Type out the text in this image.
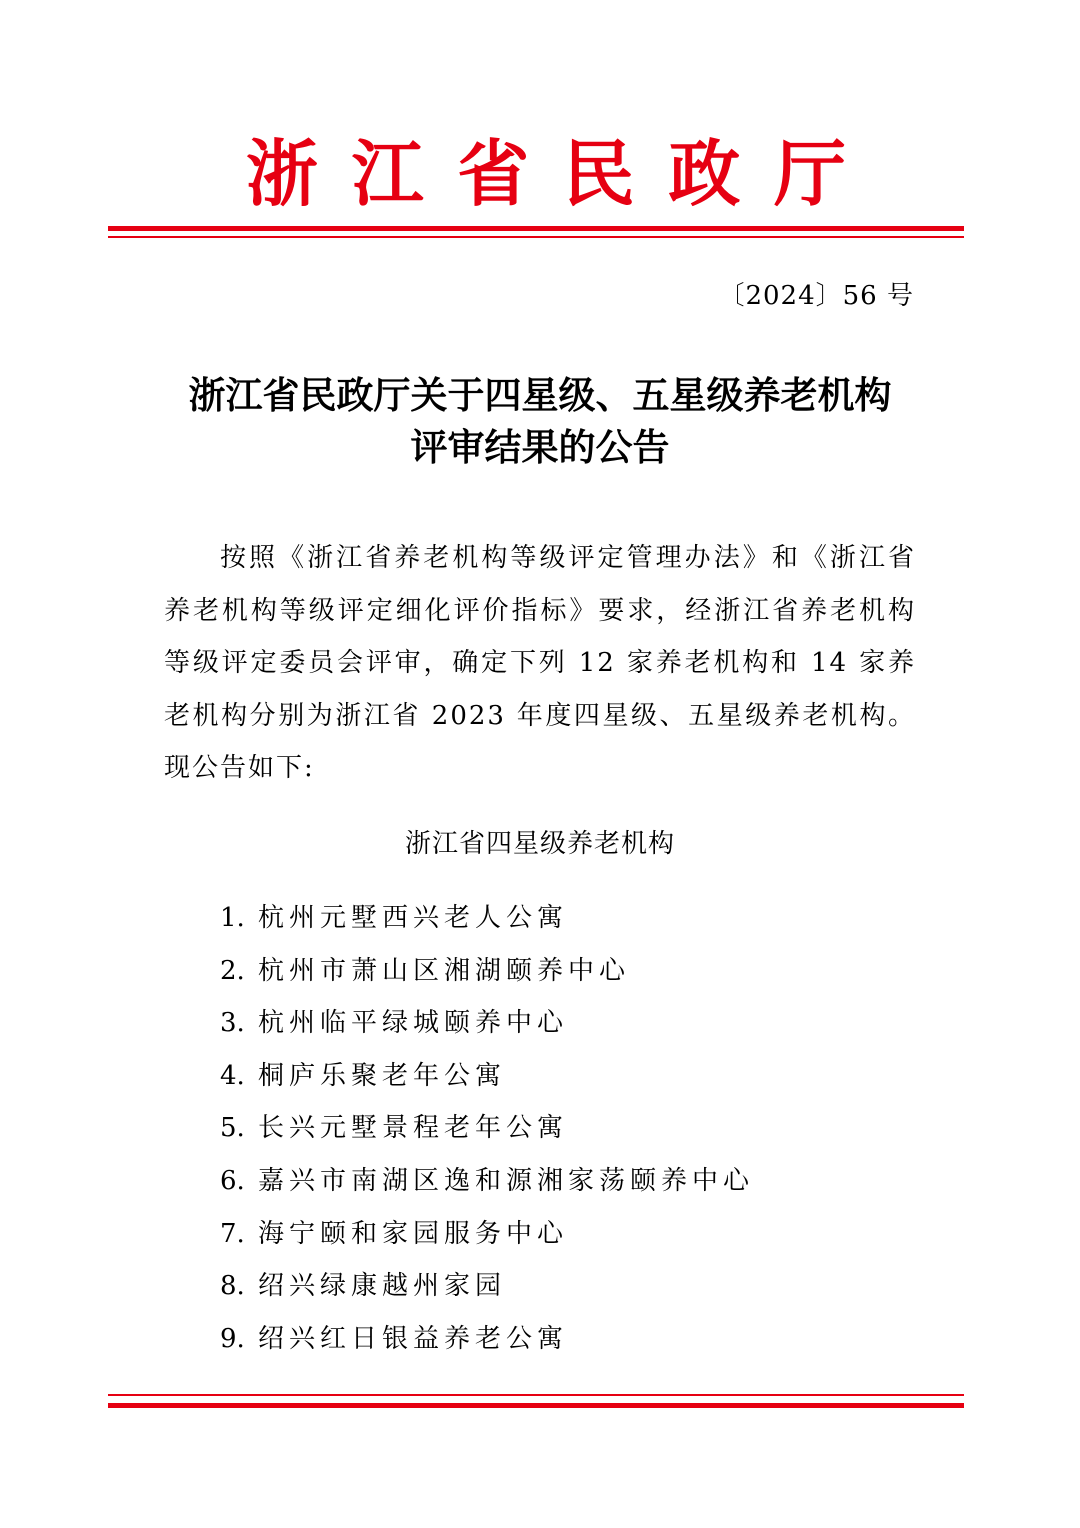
浙 江 省 民 政 厅
〔2024〕56 号
浙江省民政厅关于四星级、五星级养老机构
评审结果的公告
按照《浙江省养老机构等级评定管理办法》和《浙江省养老机构等级评定细化评价指标》要求，经浙江省养老机构等级评定委员会评审，确定下列 12 家养老机构和 14 家养老机构分别为浙江省 2023 年度四星级、五星级养老机构。现公告如下:
浙江省四星级养老机构
1. 杭州元墅西兴老人公寓
2. 杭州市萧山区湘湖颐养中心
3. 杭州临平绿城颐养中心
4. 桐庐乐聚老年公寓
5. 长兴元墅景程老年公寓
6. 嘉兴市南湖区逸和源湘家荡颐养中心
7. 海宁颐和家园服务中心
8. 绍兴绿康越州家园
9. 绍兴红日银益养老公寓
